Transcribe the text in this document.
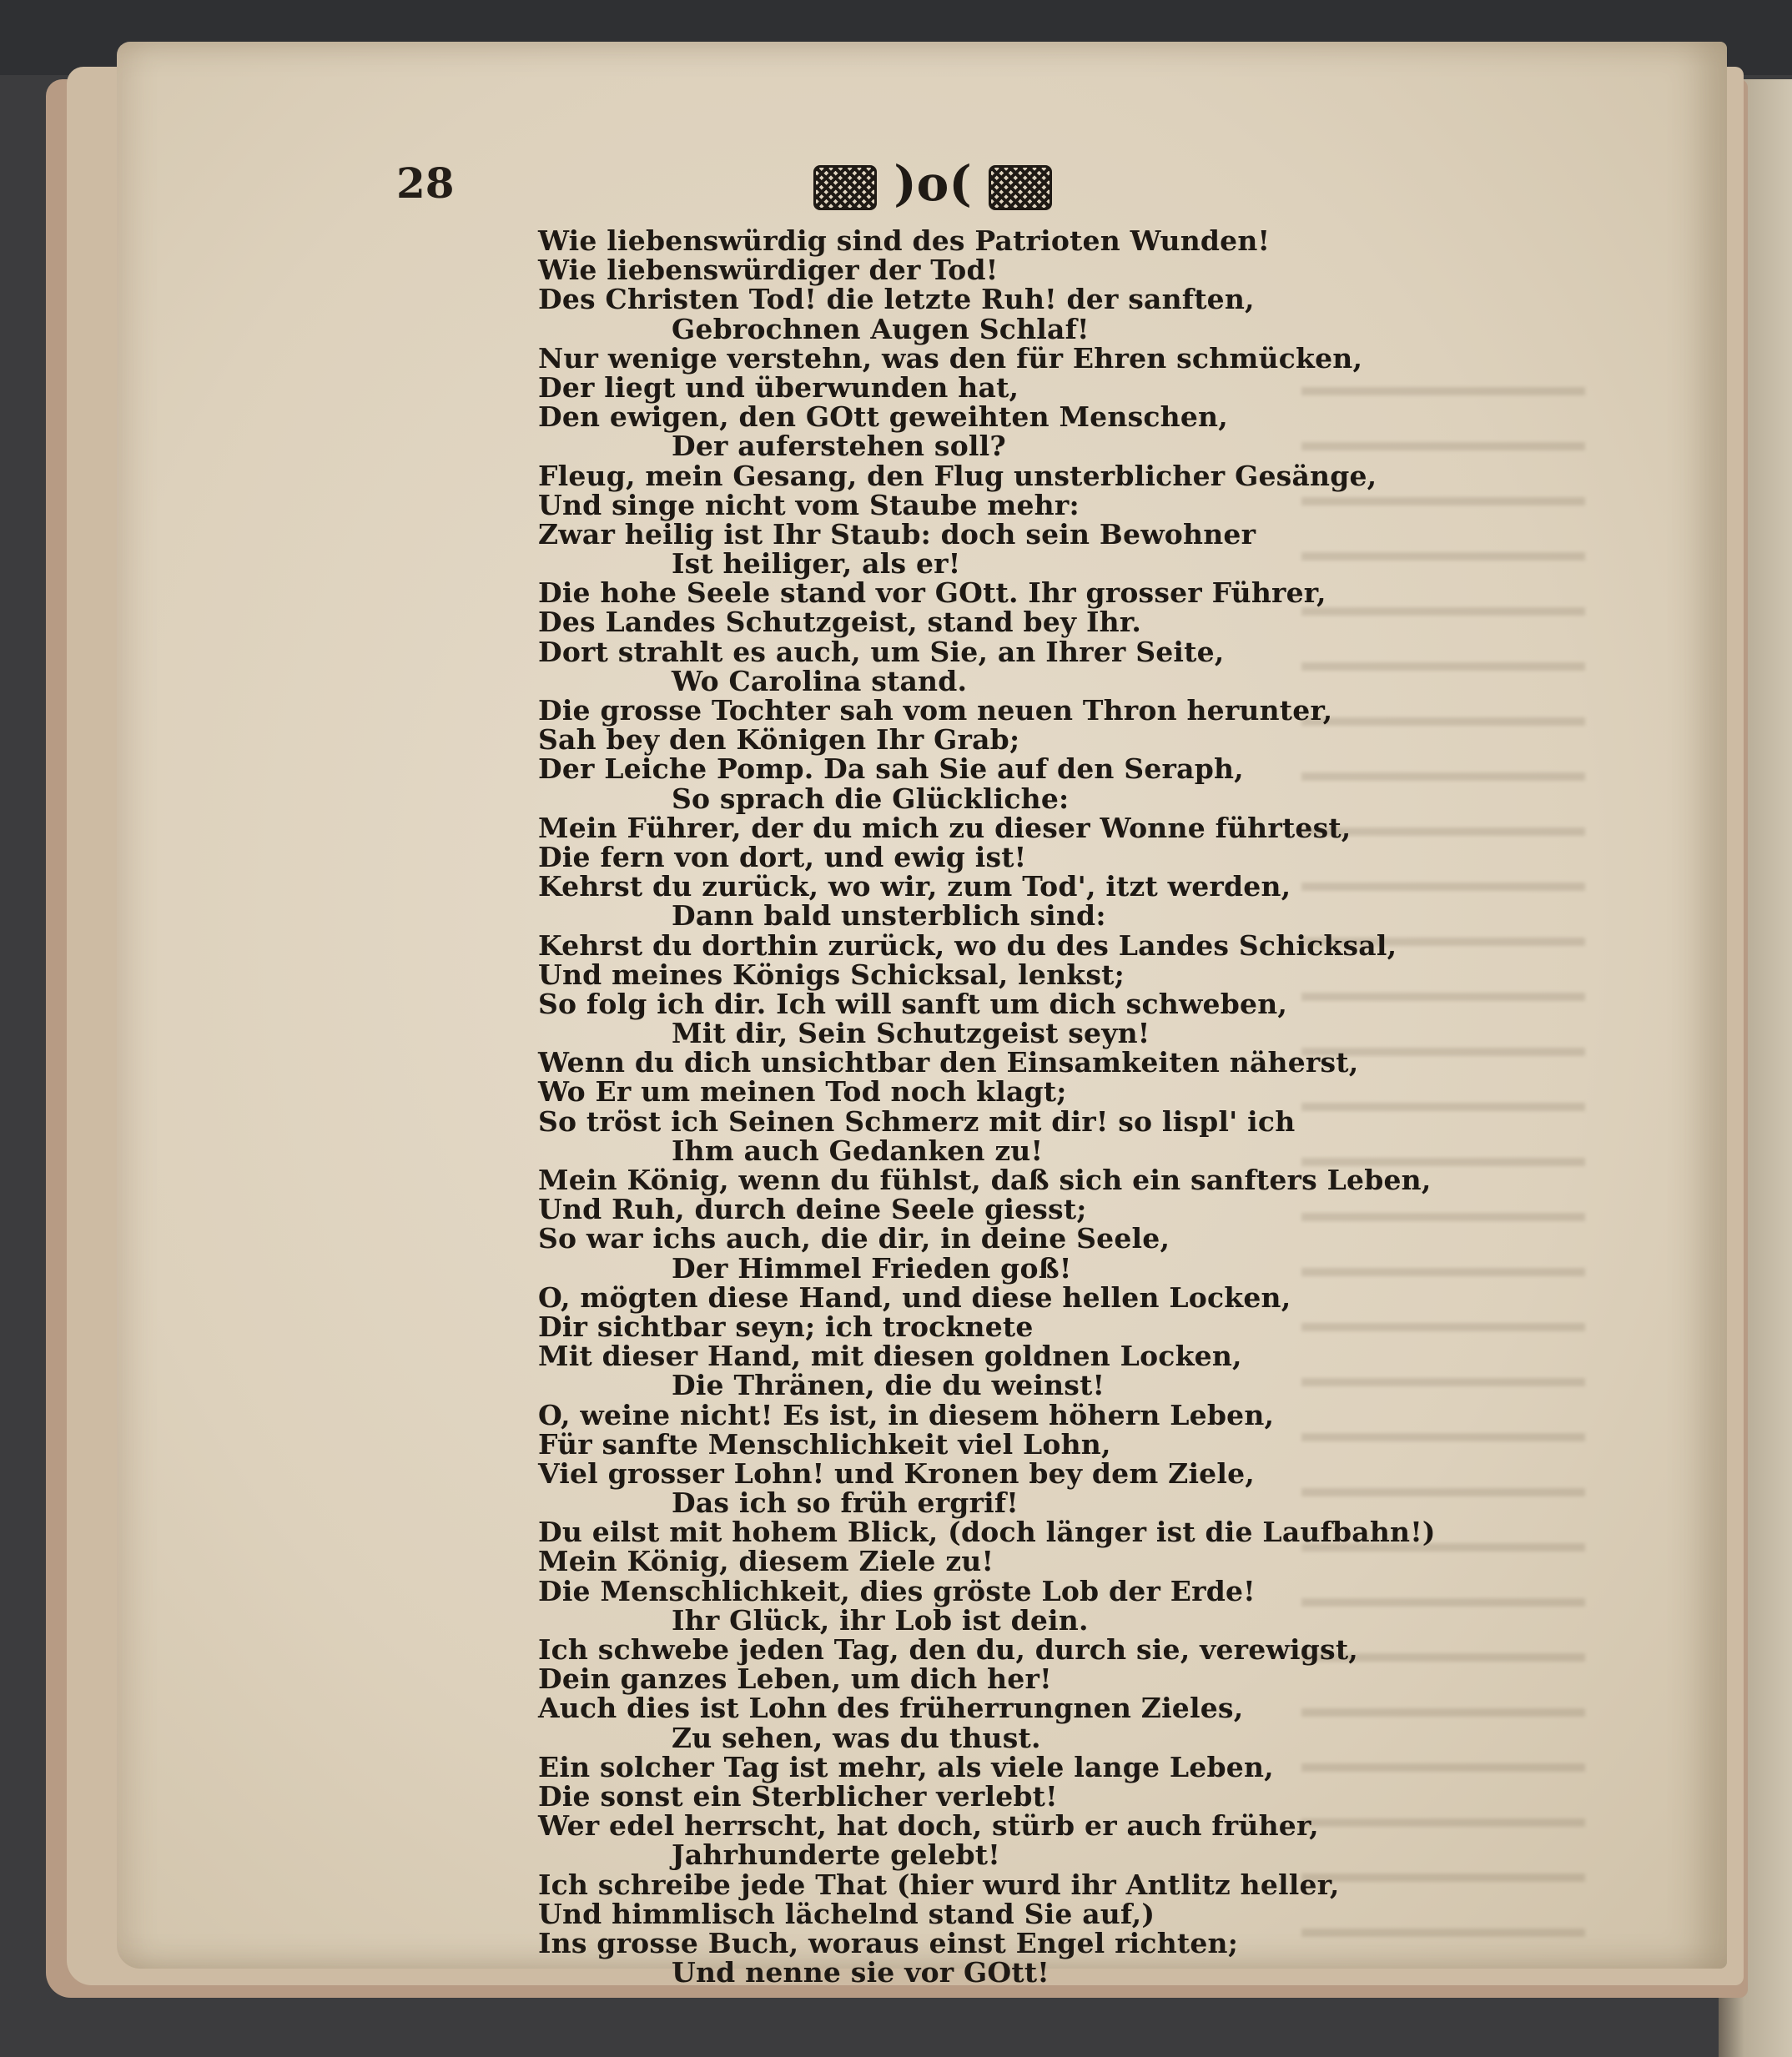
28	)o(
Wie liebenswürdig sind des Patrioten Wunden!
Wie liebenswürdiger der Tod!
Des Christen Tod! die letzte Ruh! der sanften,
Gebrochnen Augen Schlaf!
Nur wenige verstehn, was den für Ehren schmücken,
Der liegt und überwunden hat,
Den ewigen, den GOtt geweihten Menschen,
Der auferstehen soll?
Fleug, mein Gesang, den Flug unsterblicher Gesänge,
Und singe nicht vom Staube mehr:
Zwar heilig ist Ihr Staub: doch sein Bewohner
Ist heiliger, als er!
Die hohe Seele stand vor GOtt. Ihr grosser Führer,
Des Landes Schutzgeist, stand bey Ihr.
Dort strahlt es auch, um Sie, an Ihrer Seite,
Wo Carolina stand.
Die grosse Tochter sah vom neuen Thron herunter,
Sah bey den Königen Ihr Grab;
Der Leiche Pomp. Da sah Sie auf den Seraph,
So sprach die Glückliche:
Mein Führer, der du mich zu dieser Wonne führtest,
Die fern von dort, und ewig ist!
Kehrst du zurück, wo wir, zum Tod', itzt werden,
Dann bald unsterblich sind:
Kehrst du dorthin zurück, wo du des Landes Schicksal,
Und meines Königs Schicksal, lenkst;
So folg ich dir. Ich will sanft um dich schweben,
Mit dir, Sein Schutzgeist seyn!
Wenn du dich unsichtbar den Einsamkeiten näherst,
Wo Er um meinen Tod noch klagt;
So tröst ich Seinen Schmerz mit dir! so lispl' ich
Ihm auch Gedanken zu!
Mein König, wenn du fühlst, daß sich ein sanfters Leben,
Und Ruh, durch deine Seele giesst;
So war ichs auch, die dir, in deine Seele,
Der Himmel Frieden goß!
O, mögten diese Hand, und diese hellen Locken,
Dir sichtbar seyn; ich trocknete
Mit dieser Hand, mit diesen goldnen Locken,
Die Thränen, die du weinst!
O, weine nicht! Es ist, in diesem höhern Leben,
Für sanfte Menschlichkeit viel Lohn,
Viel grosser Lohn! und Kronen bey dem Ziele,
Das ich so früh ergrif!
Du eilst mit hohem Blick, (doch länger ist die Laufbahn!)
Mein König, diesem Ziele zu!
Die Menschlichkeit, dies gröste Lob der Erde!
Ihr Glück, ihr Lob ist dein.
Ich schwebe jeden Tag, den du, durch sie, verewigst,
Dein ganzes Leben, um dich her!
Auch dies ist Lohn des früherrungnen Zieles,
Zu sehen, was du thust.
Ein solcher Tag ist mehr, als viele lange Leben,
Die sonst ein Sterblicher verlebt!
Wer edel herrscht, hat doch, stürb er auch früher,
Jahrhunderte gelebt!
Ich schreibe jede That (hier wurd ihr Antlitz heller,
Und himmlisch lächelnd stand Sie auf,)
Ins grosse Buch, woraus einst Engel richten;
Und nenne sie vor GOtt!
